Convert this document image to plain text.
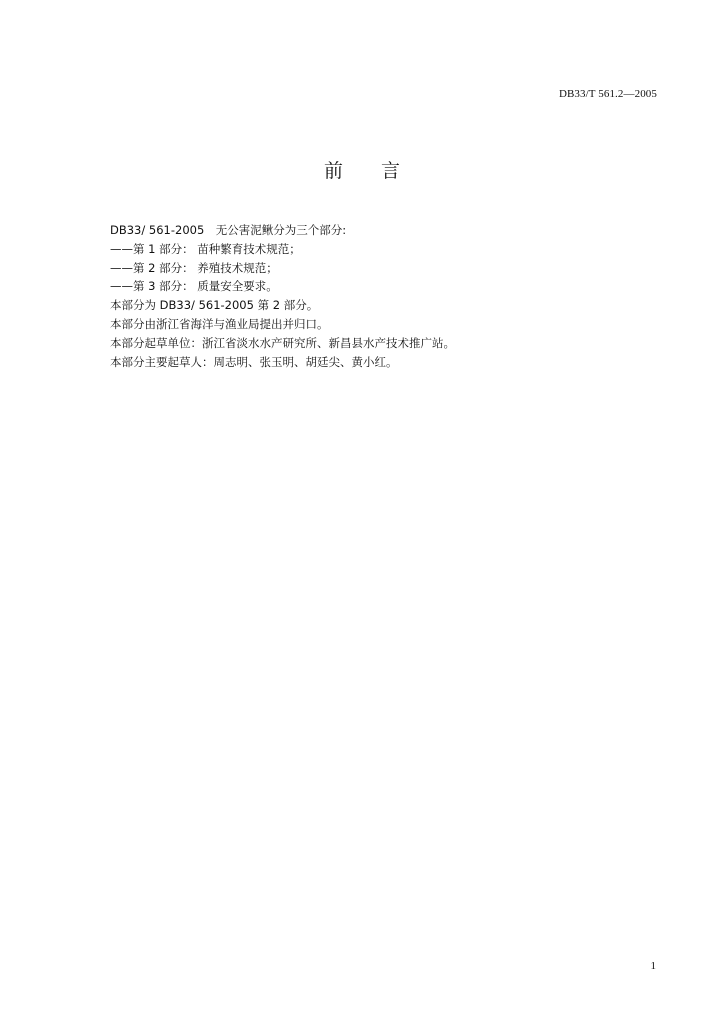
DB33/T 561.2—2005
前 言
DB33/ 561-2005　无公害泥鳅分为三个部分:
——第 1 部分： 苗种繁育技术规范；
——第 2 部分： 养殖技术规范；
——第 3 部分： 质量安全要求。
本部分为 DB33/ 561-2005 第 2 部分。
本部分由浙江省海洋与渔业局提出并归口。
本部分起草单位：浙江省淡水水产研究所、新昌县水产技术推广站。
本部分主要起草人：周志明、张玉明、胡廷尖、黄小红。
1
